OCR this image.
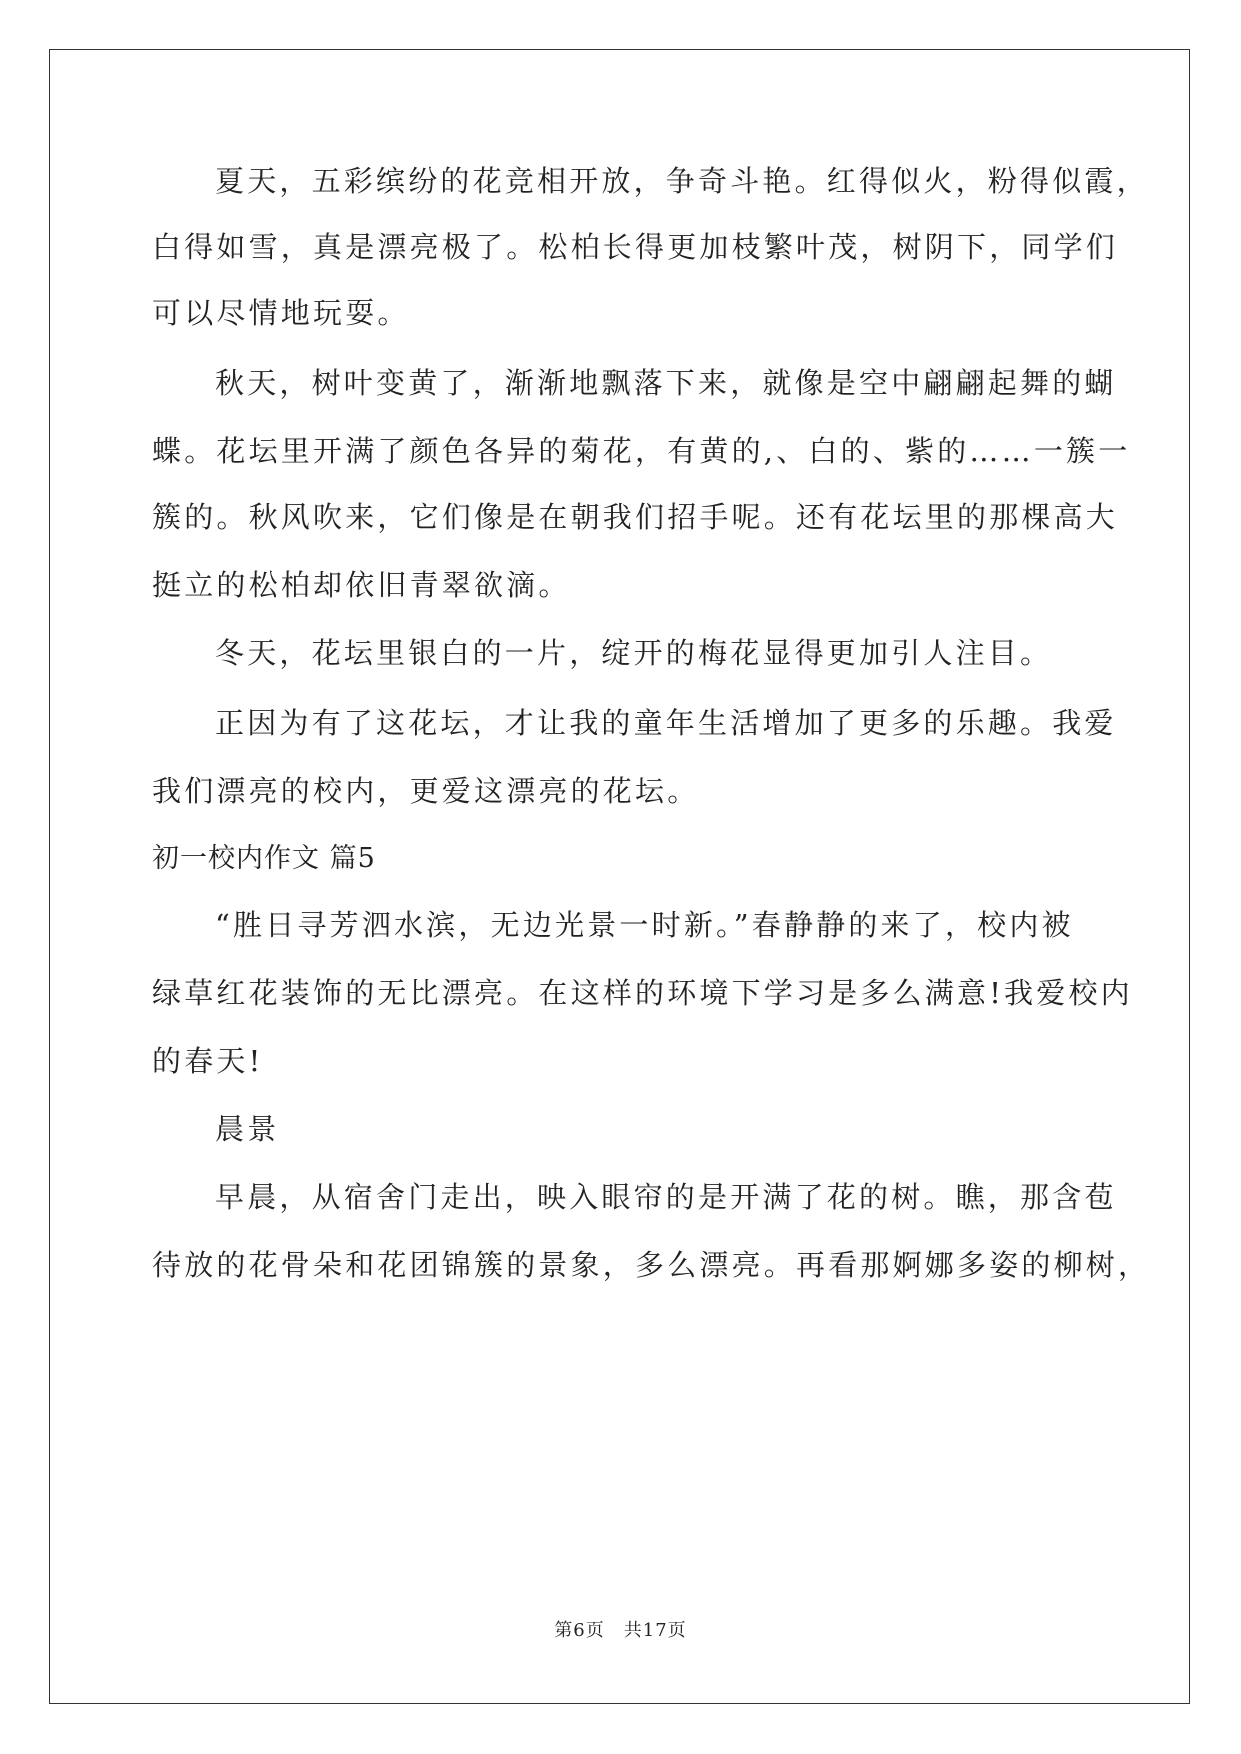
夏天，五彩缤纷的花竞相开放，争奇斗艳。红得似火，粉得似霞，
白得如雪，真是漂亮极了。松柏长得更加枝繁叶茂，树阴下，同学们
可以尽情地玩耍。
秋天，树叶变黄了，渐渐地飘落下来，就像是空中翩翩起舞的蝴
蝶。花坛里开满了颜色各异的菊花，有黄的,、白的、紫的……一簇一
簇的。秋风吹来，它们像是在朝我们招手呢。还有花坛里的那棵高大
挺立的松柏却依旧青翠欲滴。
冬天，花坛里银白的一片，绽开的梅花显得更加引人注目。
正因为有了这花坛，才让我的童年生活增加了更多的乐趣。我爱
我们漂亮的校内，更爱这漂亮的花坛。
初一校内作文 篇5
“胜日寻芳泗水滨，无边光景一时新。”春静静的来了，校内被
绿草红花装饰的无比漂亮。在这样的环境下学习是多么满意!我爱校内
的春天!
晨景
早晨，从宿舍门走出，映入眼帘的是开满了花的树。瞧，那含苞
待放的花骨朵和花团锦簇的景象，多么漂亮。再看那婀娜多姿的柳树，
第6页　共17页
